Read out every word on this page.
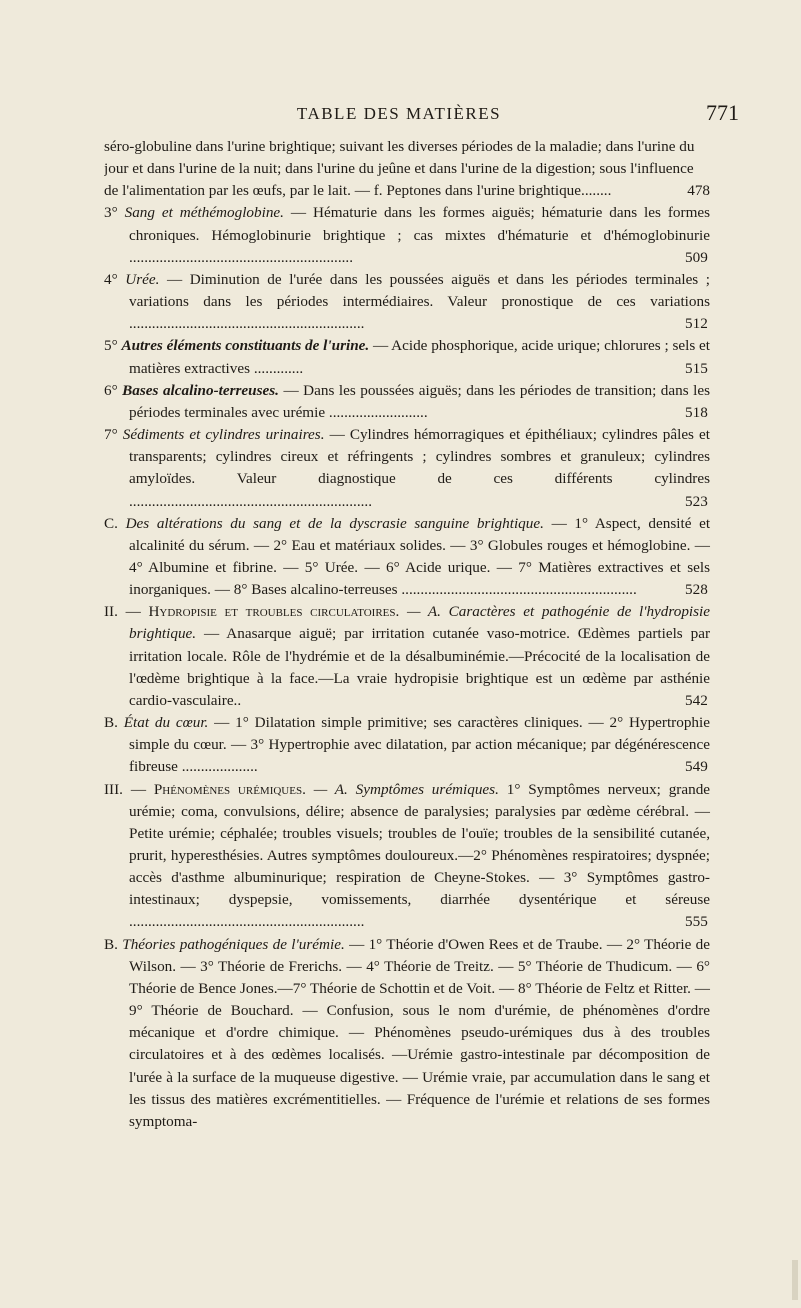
TABLE DES MATIÈRES	771
séro-globuline dans l'urine brightique; suivant les diverses périodes de la maladie; dans l'urine du jour et dans l'urine de la nuit; dans l'urine du jeûne et dans l'urine de la digestion; sous l'influence de l'alimentation par les œufs, par le lait. — f. Peptones dans l'urine brightique........	478
3° Sang et méthémoglobine. — Hématurie dans les formes aiguës; hématurie dans les formes chroniques. Hémoglobinurie brightique ; cas mixtes d'hématurie et d'hémoglobinurie ...........................................................	509
4° Urée. — Diminution de l'urée dans les poussées aiguës et dans les périodes terminales ; variations dans les périodes intermédiaires. Valeur pronostique de ces variations ..............................................................	512
5° Autres éléments constituants de l'urine. — Acide phosphorique, acide urique; chlorures ; sels et matières extractives .............	515
6° Bases alcalino-terreuses. — Dans les poussées aiguës; dans les périodes de transition; dans les périodes terminales avec urémie ..........................	518
7° Sédiments et cylindres urinaires. — Cylindres hémorragiques et épithéliaux; cylindres pâles et transparents; cylindres cireux et réfringents ; cylindres sombres et granuleux; cylindres amyloïdes. Valeur diagnostique de ces différents cylindres ................................................................	523
C. Des altérations du sang et de la dyscrasie sanguine brightique. — 1° Aspect, densité et alcalinité du sérum. — 2° Eau et matériaux solides. — 3° Globules rouges et hémoglobine. — 4° Albumine et fibrine. — 5° Urée. — 6° Acide urique. — 7° Matières extractives et sels inorganiques. — 8° Bases alcalino-terreuses ..............................................................	528
II. — Hydropisie et troubles circulatoires. — A. Caractères et pathogénie de l'hydropisie brightique. — Anasarque aiguë; par irritation cutanée vaso-motrice. Œdèmes partiels par irritation locale. Rôle de l'hydrémie et de la désalbuminémie.—Précocité de la localisation de l'œdème brightique à la face.—La vraie hydropisie brightique est un œdème par asthénie cardio-vasculaire..	542
B. État du cœur. — 1° Dilatation simple primitive; ses caractères cliniques. — 2° Hypertrophie simple du cœur. — 3° Hypertrophie avec dilatation, par action mécanique; par dégénérescence fibreuse ....................	549
III. — Phénomènes urémiques. — A. Symptômes urémiques. 1° Symptômes nerveux; grande urémie; coma, convulsions, délire; absence de paralysies; paralysies par œdème cérébral. — Petite urémie; céphalée; troubles visuels; troubles de l'ouïe; troubles de la sensibilité cutanée, prurit, hyperesthésies. Autres symptômes douloureux.—2° Phénomènes respiratoires; dyspnée; accès d'asthme albuminurique; respiration de Cheyne-Stokes. — 3° Symptômes gastro-intestinaux; dyspepsie, vomissements, diarrhée dysentérique et séreuse ..............................................................	555
B. Théories pathogéniques de l'urémie. — 1° Théorie d'Owen Rees et de Traube. — 2° Théorie de Wilson. — 3° Théorie de Frerichs. — 4° Théorie de Treitz. — 5° Théorie de Thudicum. — 6° Théorie de Bence Jones.—7° Théorie de Schottin et de Voit. — 8° Théorie de Feltz et Ritter. — 9° Théorie de Bouchard. — Confusion, sous le nom d'urémie, de phénomènes d'ordre mécanique et d'ordre chimique. — Phénomènes pseudo-urémiques dus à des troubles circulatoires et à des œdèmes localisés. —Urémie gastro-intestinale par décomposition de l'urée à la surface de la muqueuse digestive. — Urémie vraie, par accumulation dans le sang et les tissus des matières excrémentitielles. — Fréquence de l'urémie et relations de ses formes symptoma-
